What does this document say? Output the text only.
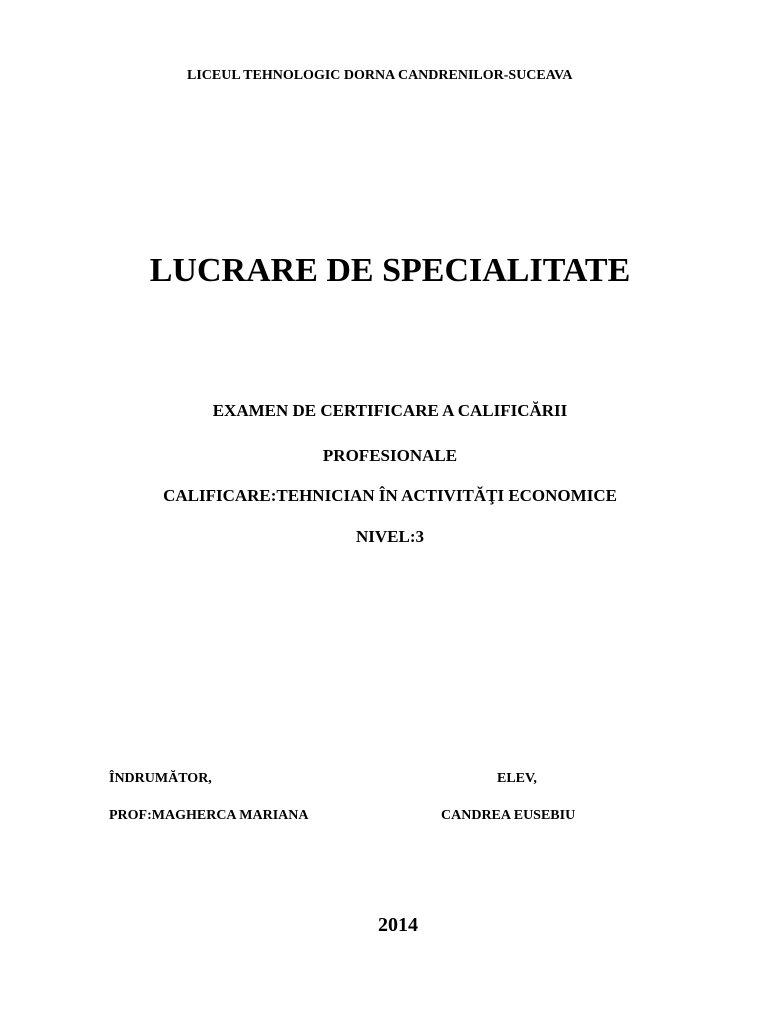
LICEUL TEHNOLOGIC DORNA CANDRENILOR-SUCEAVA
LUCRARE DE SPECIALITATE
EXAMEN DE CERTIFICARE A CALIFICĂRII
PROFESIONALE
CALIFICARE:TEHNICIAN ÎN ACTIVITĂŢI ECONOMICE
NIVEL:3
ÎNDRUMĂTOR,	ELEV,
PROF:MAGHERCA MARIANA	CANDREA EUSEBIU
2014
